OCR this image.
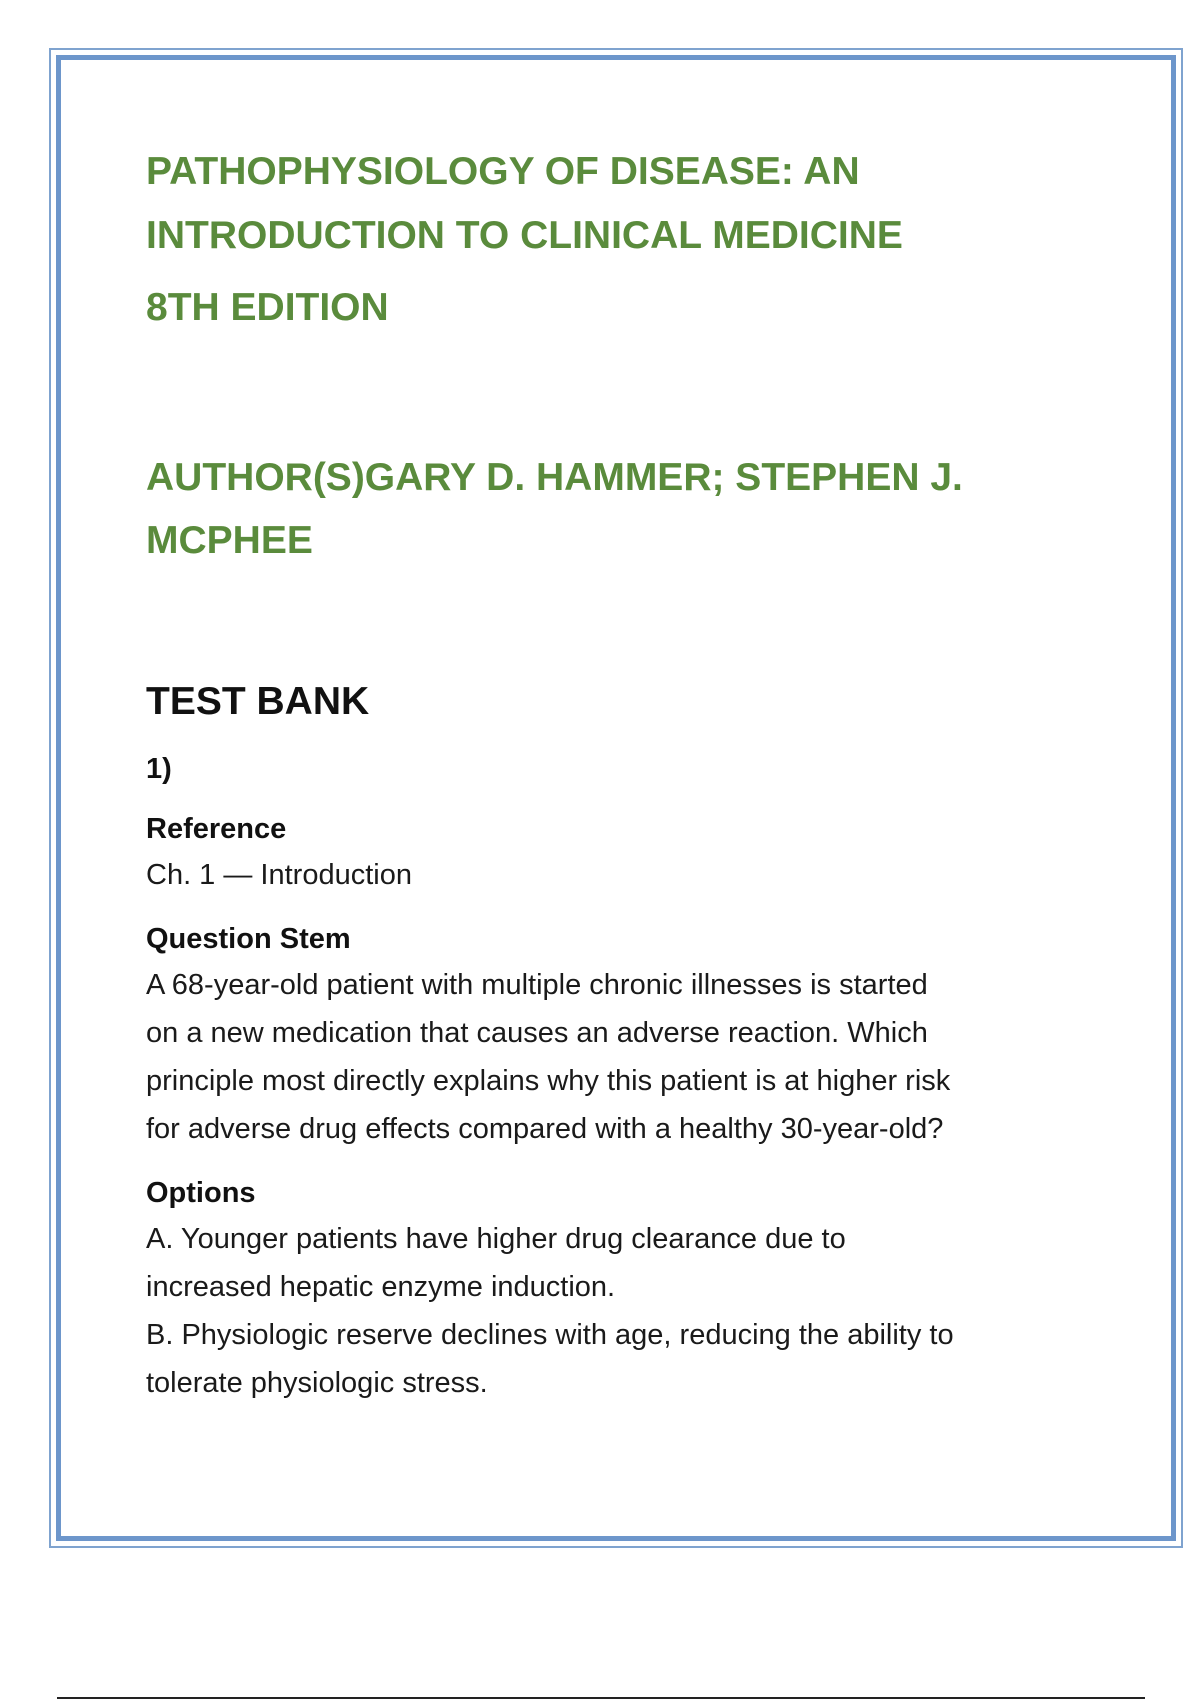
PATHOPHYSIOLOGY OF DISEASE: AN

INTRODUCTION TO CLINICAL MEDICINE

8TH EDITION

AUTHOR(S)GARY D. HAMMER; STEPHEN J.
MCPHEE

TEST BANK

1)

Reference

Ch. 1 — Introduction

Question Stem

A 68-year-old patient with multiple chronic illnesses is started

on a new medication that causes an adverse reaction. Which

principle most directly explains why this patient is at higher risk

for adverse drug effects compared with a healthy 30-year-old?

Options

A. Younger patients have higher drug clearance due to

increased hepatic enzyme induction.

B. Physiologic reserve declines with age, reducing the ability to

tolerate physiologic stress.
